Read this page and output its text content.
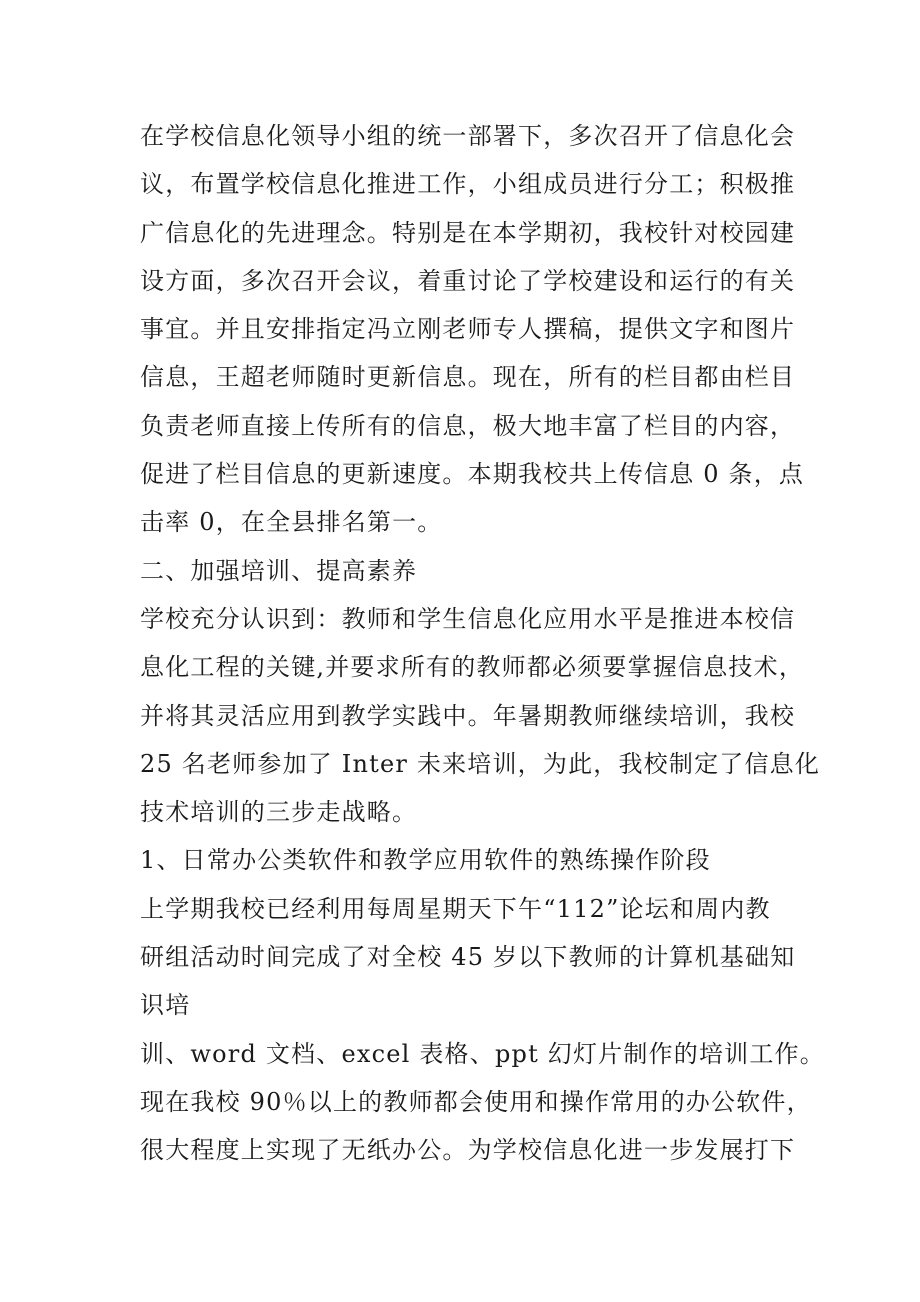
在学校信息化领导小组的统一部署下，多次召开了信息化会
议，布置学校信息化推进工作，小组成员进行分工；积极推
广信息化的先进理念。特别是在本学期初，我校针对校园建
设方面，多次召开会议，着重讨论了学校建设和运行的有关
事宜。并且安排指定冯立刚老师专人撰稿，提供文字和图片
信息，王超老师随时更新信息。现在，所有的栏目都由栏目
负责老师直接上传所有的信息，极大地丰富了栏目的内容，
促进了栏目信息的更新速度。本期我校共上传信息 0 条，点
击率 0，在全县排名第一。
二、加强培训、提高素养
学校充分认识到：教师和学生信息化应用水平是推进本校信
息化工程的关键,并要求所有的教师都必须要掌握信息技术，
并将其灵活应用到教学实践中。年暑期教师继续培训，我校
25 名老师参加了 Inter 未来培训，为此，我校制定了信息化
技术培训的三步走战略。
1、日常办公类软件和教学应用软件的熟练操作阶段
上学期我校已经利用每周星期天下午“112”论坛和周内教
研组活动时间完成了对全校 45 岁以下教师的计算机基础知
识培
训、word 文档、excel 表格、ppt 幻灯片制作的培训工作。
现在我校 90％以上的教师都会使用和操作常用的办公软件，
很大程度上实现了无纸办公。为学校信息化进一步发展打下
